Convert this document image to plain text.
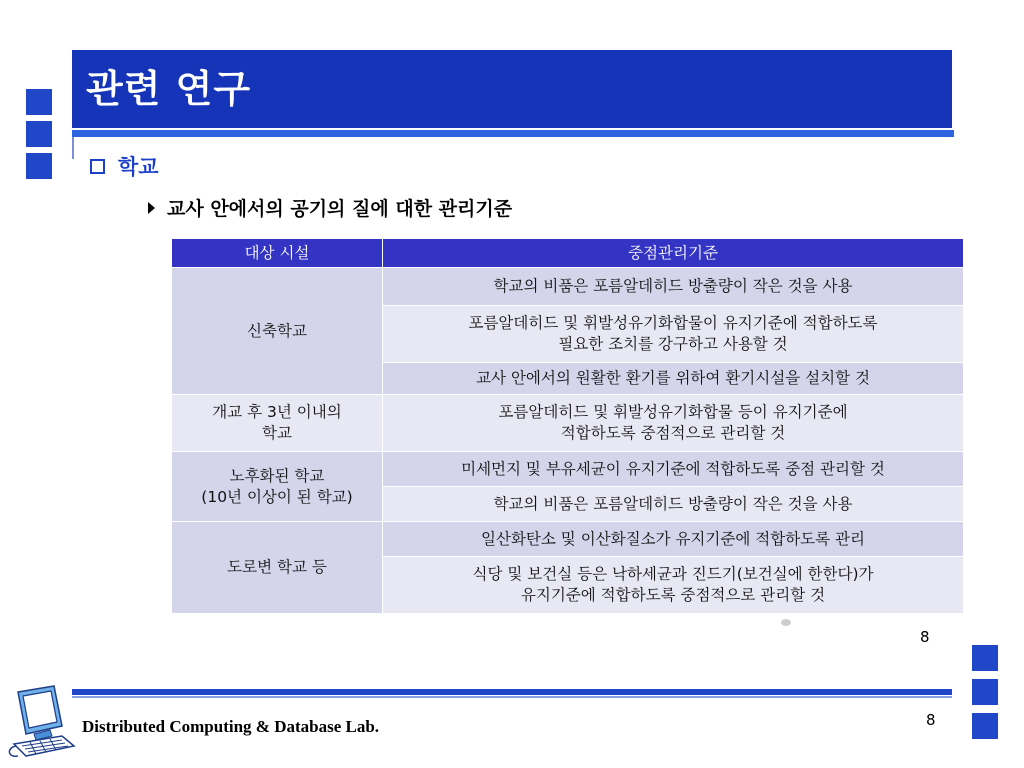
관련 연구
학교
교사 안에서의 공기의 질에 대한 관리기준
대상 시설	중점관리기준
신축학교	학교의 비품은 포름알데히드 방출량이 작은 것을 사용
	포름알데히드 및 휘발성유기화합물이 유지기준에 적합하도록
필요한 조치를 강구하고 사용할 것
	교사 안에서의 원활한 환기를 위하여 환기시설을 설치할 것
개교 후 3년 이내의
학교	포름알데히드 및 휘발성유기화합물 등이 유지기준에
적합하도록 중점적으로 관리할 것
노후화된 학교
(10년 이상이 된 학교)	미세먼지 및 부유세균이 유지기준에 적합하도록 중점 관리할 것
	학교의 비품은 포름알데히드 방출량이 작은 것을 사용
도로변 학교 등	일산화탄소 및 이산화질소가 유지기준에 적합하도록 관리
	식당 및 보건실 등은 낙하세균과 진드기(보건실에 한한다)가
유지기준에 적합하도록 중점적으로 관리할 것
8
Distributed Computing & Database Lab.	8
